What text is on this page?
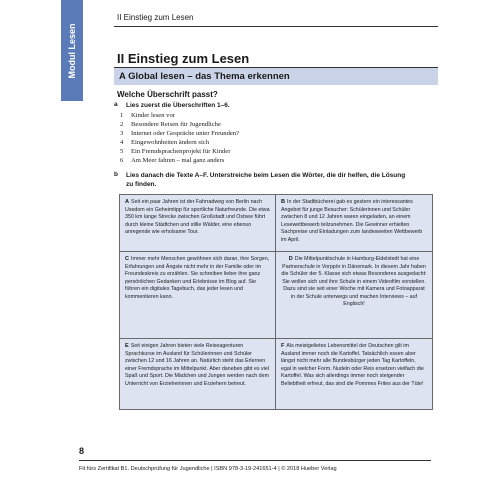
Modul Lesen
II Einstieg zum Lesen
II Einstieg zum Lesen
A Global lesen – das Thema erkennen
Welche Überschrift passt?
a Lies zuerst die Überschriften 1–6.
1 Kinder lesen vor
2 Besondere Reisen für Jugendliche
3 Internet oder Gespräche unter Freunden?
4 Eingewohnheiten ändern sich
5 Ein Fremdsprachenprojekt für Kinder
6 Am Meer fahren – mal ganz anders
b Lies danach die Texte A–F. Unterstreiche beim Lesen die Wörter, die dir helfen, die Lösung
zu finden.
A Seit ein paar Jahren ist der Fahrradweg von Berlin nach Usedom ein Geheimtipp für sportliche Naturfreunde. Die etwa 350 km lange Strecke zwischen Großstadt und Ostsee führt durch kleine Städtchen und stille Wälder, eine ebenso anregende wie erholsame Tour.
B In der Stadtbücherei gab es gestern ein interessantes Angebot für junge Besucher: Schülerinnen und Schüler zwischen 8 und 12 Jahren waren eingeladen, an einem Lesewettbewerb teilzunehmen. Die Gewinner erhielten Sachpreise und Einladungen zum landesweiten Wettbewerb im April.
C Immer mehr Menschen gewöhnen sich daran, ihre Sorgen, Erfahrungen und Ängste nicht mehr in der Familie oder im Freundeskreis zu erzählen. Sie schreiben lieber ihre ganz persönlichen Gedanken und Erlebnisse im Blog auf. Sie führen ein digitales Tagebuch, das jeder lesen und kommentieren kann.
D Die Mittelpunktschule in Hamburg-Eidelstedt hat eine Partnerschule in Vorppör in Dänemark. In diesem Jahr haben die Schüler der 5. Klasse sich etwas Besonderes ausgedacht: Sie wollen sich und ihre Schule in einem Videofilm vorstellen. Dazu sind sie seit einer Woche mit Kamera und Fotoapparat in der Schule unterwegs und machen Interviews – auf Englisch!
E Seit einigen Jahren bieten viele Reiseagenturen Sprachkurse im Ausland für Schülerinnen und Schüler zwischen 12 und 16 Jahren an. Natürlich steht das Erlernen einer Fremdsprache im Mittelpunkt. Aber daneben gibt es viel Spaß und Sport. Die Mädchen und Jungen werden nach dem Unterricht von Erzieherinnen und Erziehern betreut.
F Als meistgelietes Lebensmittel der Deutschen gilt im Ausland immer noch die Kartoffel. Tatsächlich essen aber längst nicht mehr alle Bundesbürger jeden Tag Kartoffeln, egal in welcher Form. Nudeln oder Reis ersetzen vielfach die Kartoffel. Was sich allerdings immer noch steigender Beliebtheit erfreut, das sind die Pommes Frites aus der Tüte!
8
Fit fürs Zertifikat B1. Deutschprüfung für Jugendliche | ISBN 978-3-19-241651-4 | © 2018 Hueber Verlag
